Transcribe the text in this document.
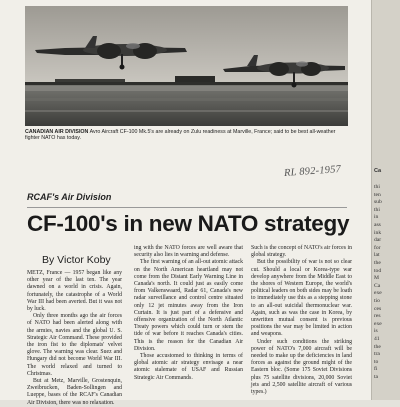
CANADIAN AIR DIVISION Avro Aircraft CF-100 Mk.5's are already on Zulu readiness at Marville, France; said to be best all-weather fighter NATO has today.
RL 892-1957
RCAF's Air Division
CF-100's in new NATO strategy
By Victor Koby

METZ, France — 1957 began like any other year of the last ten. The year dawned on a world in crisis. Again, fortunately, the catastrophe of a World War III had been averted. But it was not by luck.

Only three months ago the air forces of NATO had been alerted along with the armies, navies and the global U. S. Strategic Air Command. These provided the iron fist to the diplomats' velvet glove. The warning was clear. Suez and Hungary did not become World War III. The world relaxed and turned to Christmas.

But at Metz, Marville, Grostenquin, Zweibrucken, Baden-Sollingen and Lueppe, bases of the RCAF's Canadian Air Division, there was no relaxation.

ing with the NATO forces are well aware that security also lies in warning and defense.

The first warning of an all-out atomic attack on the North American heartland may not come from the Distant Early Warning Line in Canada's north. It could just as easily come from Valkenswaard, Radar 61, Canada's new radar surveillance and control centre situated only 12 jet minutes away from the Iron Curtain. It is just part of a defensive and offensive organization of the North Atlantic Treaty powers which could turn or stem the tide of war before it reaches Canada's cities. This is the reason for the Canadian Air Division.

Those accustomed to thinking in terms of global atomic air strategy envisage a near atomic stalemate of USAF and Russian Strategic Air Commands.

Such is the concept of NATO's air forces in global strategy.

But the possibility of war is not so clear cut. Should a local or Korea-type war develop anywhere from the Middle East to the shores of Western Europe, the world's political leaders on both sides may be loath to immediately use this as a stepping stone to an all-out suicidal thermonuclear war. Again, such as was the case in Korea, by unwritten mutual consent is previous positions the war may be limited in action and weapons.

Under such conditions the striking power of NATO's 7,000 aircraft will be needed to make up the deficiencies in land forces as against the ground might of the Eastern bloc. (Some 175 Soviet Divisions plus 75 satellite divisions, 20,000 Soviet jets and 2,500 satellite aircraft of various types.)

Ca
thi
ten
sub
thi
in
ass
ink
dar
for
lat
the
tod
M
Ca
exe
tio
ces
res
exe
is
41
the
tra
to
fi
ta
